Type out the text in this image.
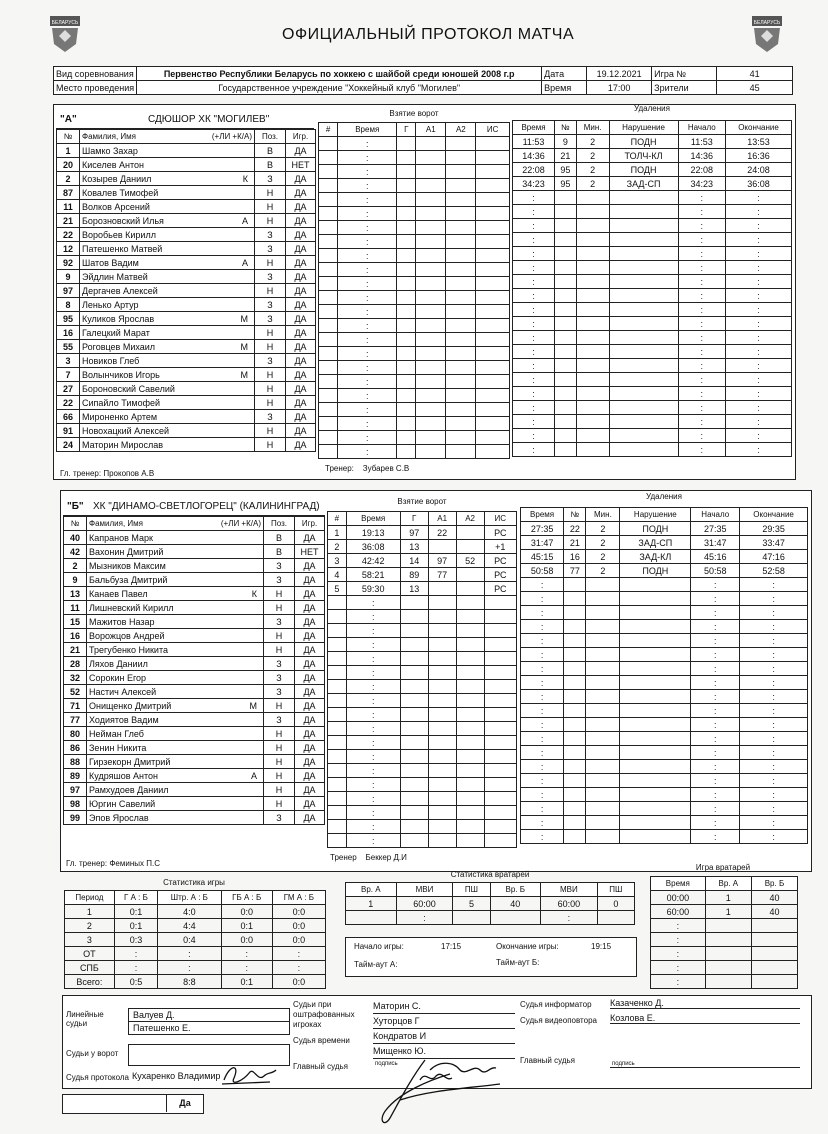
БЕЛАРУСЬ	БЕЛАРУСЬ
ОФИЦИАЛЬНЫЙ ПРОТОКОЛ МАТЧА
Вид соревнования	Первенство Республики Беларусь по хоккею с шайбой среди юношей 2008 г.р	Дата	19.12.2021	Игра №	41
Место проведения	Государственное учреждение "Хоккейный клуб "Могилев"	Время	17:00	Зрители	45
"А"	СДЮШОР ХК "МОГИЛЕВ"
№	Фамилия, Имя (+ЛИ +К/А)	Поз.	Игр.
1	Шамко Захар	В	ДА
20	Киселев Антон	В	НЕТ
2	Козырев Даниил К	З	ДА
87	Ковалев Тимофей	Н	ДА
11	Волков Арсений	Н	ДА
21	Борозновский Илья А	Н	ДА
22	Воробьев Кирилл	З	ДА
12	Патешенко Матвей	З	ДА
92	Шатов Вадим А	Н	ДА
9	Эйдлин Матвей	З	ДА
97	Дергачев Алексей	Н	ДА
8	Ленько Артур	З	ДА
95	Куликов Ярослав М	З	ДА
16	Галецкий Марат	Н	ДА
55	Роговцев Михаил М	Н	ДА
3	Новиков Глеб	З	ДА
7	Волынчиков Игорь М	Н	ДА
27	Бороновский Савелий	Н	ДА
22	Сипайло Тимофей	Н	ДА
66	Мироненко Артем	З	ДА
91	Новохацкий Алексей	Н	ДА
24	Маторин Мирослав	Н	ДА
Гл. тренер: Прокопов А.В
Тренер:    Зубарев С.В
Взятие ворот
#	Время	Г	А1	А2	ИС
	:				
	:				
	:				
	:				
	:				
	:				
	:				
	:				
	:				
	:				
	:				
	:				
	:				
	:				
	:				
	:				
	:				
	:				
	:				
	:				
	:				
	:				
	:				
Удаления
Время	№	Мин.	Нарушение	Начало	Окончание
11:53	9	2	ПОДН	11:53	13:53
14:36	21	2	ТОЛЧ-КЛ	14:36	16:36
22:08	95	2	ПОДН	22:08	24:08
34:23	95	2	ЗАД-СП	34:23	36:08
:				:	:
:				:	:
:				:	:
:				:	:
:				:	:
:				:	:
:				:	:
:				:	:
:				:	:
:				:	:
:				:	:
:				:	:
:				:	:
:				:	:
:				:	:
:				:	:
:				:	:
:				:	:
:				:	:
"Б" ХК "ДИНАМО-СВЕТЛОГОРЕЦ" (КАЛИНИНГРАД)
№	Фамилия, Имя (+ЛИ +К/А)	Поз.	Игр.
40	Капранов Марк	В	ДА
42	Вахонин Дмитрий	В	НЕТ
2	Мызников Максим	З	ДА
9	Бальбуза Дмитрий	З	ДА
13	Канаев Павел К	Н	ДА
11	Лишневский Кирилл	Н	ДА
15	Мажитов Назар	З	ДА
16	Ворожцов Андрей	Н	ДА
21	Трегубенко Никита	Н	ДА
28	Ляхов Даниил	З	ДА
32	Сорокин Егор	З	ДА
52	Настич Алексей	З	ДА
71	Онищенко Дмитрий М	Н	ДА
77	Ходиятов Вадим	З	ДА
80	Нейман Глеб	Н	ДА
86	Зенин Никита	Н	ДА
88	Гирзекорн Дмитрий	Н	ДА
89	Кудряшов Антон А	Н	ДА
97	Рамхудоев Даниил	Н	ДА
98	Юргин Савелий	Н	ДА
99	Эпов Ярослав	З	ДА
Гл. тренер: Феминых П.С
Тренер Беккер Д.И
Взятие ворот
#	Время	Г	А1	А2	ИС
1	19:13	97	22		РС
2	36:08	13			+1
3	42:42	14	97	52	РС
4	58:21	89	77		РС
5	59:30	13			РС
	:				
	:				
	:				
	:				
	:				
	:				
	:				
	:				
	:				
	:				
	:				
	:				
	:				
	:				
	:				
	:				
	:				
	:				
Удаления
Время	№	Мин.	Нарушение	Начало	Окончание
27:35	22	2	ПОДН	27:35	29:35
31:47	21	2	ЗАД-СП	31:47	33:47
45:15	16	2	ЗАД-КЛ	45:16	47:16
50:58	77	2	ПОДН	50:58	52:58
:				:	:
:				:	:
:				:	:
:				:	:
:				:	:
:				:	:
:				:	:
:				:	:
:				:	:
:				:	:
:				:	:
:				:	:
:				:	:
:				:	:
:				:	:
:				:	:
:				:	:
:				:	:
:				:	:
Статистика игры
Период	Г А : Б	Штр. А : Б	ГБ А : Б	ГМ А : Б
1	0:1	4:0	0:0	0:0
2	0:1	4:4	0:1	0:0
3	0:3	0:4	0:0	0:0
ОТ	:	:	:	:
СПБ	:	:	:	:
Всего:	0:5	8:8	0:1	0:0
Статистика вратарей
Вр. А	МВИ	ПШ	Вр. Б	МВИ	ПШ
1	60:00	5	40	60:00	0
	:			:	
Начало игры:	17:15	Окончание игры:	19:15
Тайм-аут А:	Тайм-аут Б:
Игра вратарей
Время	Вр. А	Вр. Б
00:00	1	40
60:00	1	40
:		
:		
:		
:		
:		
Линейные судьи
Валуев Д.
Патешенко Е.
Судьи у ворот
Судья протокола Кухаренко Владимир
Судьи при оштрафованных игроках
Маторин С.
Хуторцов Г
Кондратов И
Мищенко Ю.
Судья времени
Главный судья	подпись
Судья информатор Казаченко Д.
Судья видеоповтора Козлова Е.
Главный судья	подпись
Да
